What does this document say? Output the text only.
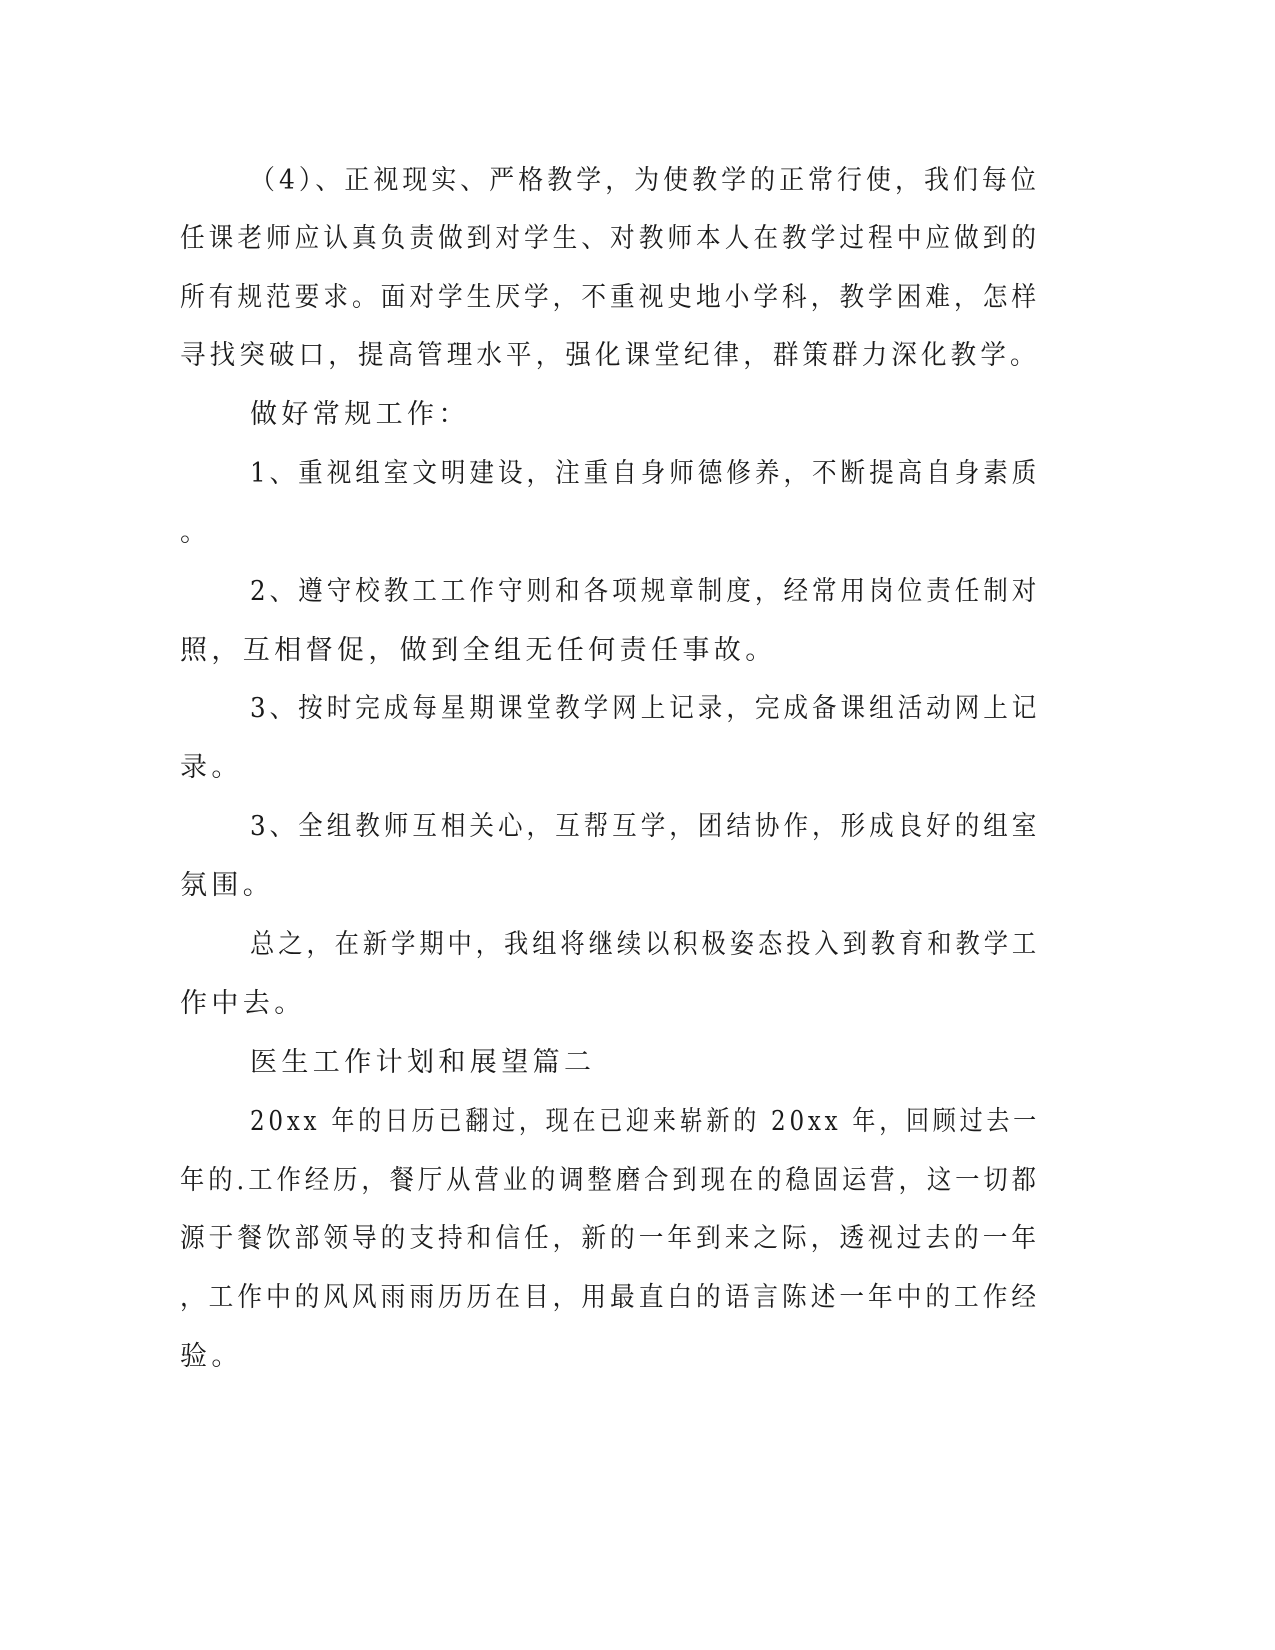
（4）、正视现实、严格教学，为使教学的正常行使，我们每位
任课老师应认真负责做到对学生、对教师本人在教学过程中应做到的
所有规范要求。面对学生厌学，不重视史地小学科，教学困难，怎样
寻找突破口，提高管理水平，强化课堂纪律，群策群力深化教学。
做好常规工作：
1、重视组室文明建设，注重自身师德修养，不断提高自身素质
。
2、遵守校教工工作守则和各项规章制度，经常用岗位责任制对
照，互相督促，做到全组无任何责任事故。
3、按时完成每星期课堂教学网上记录，完成备课组活动网上记
录。
3、全组教师互相关心，互帮互学，团结协作，形成良好的组室
氛围。
总之，在新学期中，我组将继续以积极姿态投入到教育和教学工
作中去。
医生工作计划和展望篇二
20xx 年的日历已翻过，现在已迎来崭新的 20xx 年，回顾过去一
年的.工作经历，餐厅从营业的调整磨合到现在的稳固运营，这一切都
源于餐饮部领导的支持和信任，新的一年到来之际，透视过去的一年
，工作中的风风雨雨历历在目，用最直白的语言陈述一年中的工作经
验。
